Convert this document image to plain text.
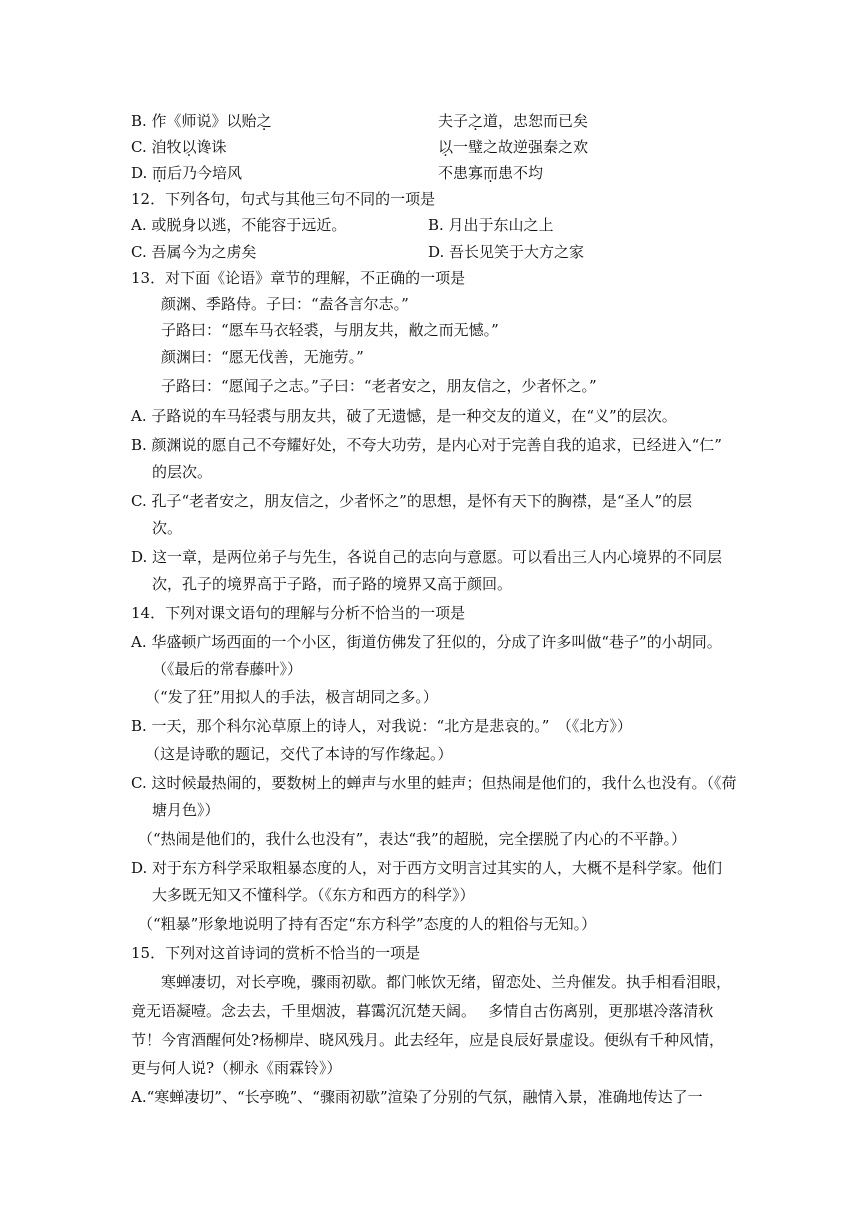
B. 作《师说》以贻之	夫子之道，忠恕而已矣
C. 洎牧以谗诛	以一璧之故逆强秦之欢
D. 而后乃今培风	不患寡而患不均
12．下列各句，句式与其他三句不同的一项是
A. 或脱身以逃，不能容于远近。	B. 月出于东山之上
C. 吾属今为之虏矣	D. 吾长见笑于大方之家
13．对下面《论语》章节的理解，不正确的一项是
颜渊、季路侍。子曰：“盍各言尔志。”
子路曰：“愿车马衣轻裘，与朋友共，敝之而无憾。”
颜渊曰：“愿无伐善，无施劳。”
子路曰：“愿闻子之志。”子曰：“老者安之，朋友信之，少者怀之。”
A. 子路说的车马轻裘与朋友共，破了无遗憾，是一种交友的道义，在“义”的层次。
B. 颜渊说的愿自己不夸耀好处，不夸大功劳，是内心对于完善自我的追求，已经进入“仁”
的层次。
C. 孔子“老者安之，朋友信之，少者怀之”的思想，是怀有天下的胸襟，是“圣人”的层
次。
D. 这一章，是两位弟子与先生，各说自己的志向与意愿。可以看出三人内心境界的不同层
次，孔子的境界高于子路，而子路的境界又高于颜回。
14．下列对课文语句的理解与分析不恰当的一项是
A. 华盛顿广场西面的一个小区，街道仿佛发了狂似的，分成了许多叫做“巷子”的小胡同。
（《最后的常春藤叶》）
（“发了狂”用拟人的手法，极言胡同之多。）
B. 一天，那个科尔沁草原上的诗人，对我说：“北方是悲哀的。”　（《北方》）
（这是诗歌的题记，交代了本诗的写作缘起。）
C. 这时候最热闹的，要数树上的蝉声与水里的蛙声；但热闹是他们的，我什么也没有。（《荷
塘月色》）
（“热闹是他们的，我什么也没有”，表达“我”的超脱，完全摆脱了内心的不平静。）
D. 对于东方科学采取粗暴态度的人，对于西方文明言过其实的人，大概不是科学家。他们
大多既无知又不懂科学。（《东方和西方的科学》）
（“粗暴”形象地说明了持有否定“东方科学”态度的人的粗俗与无知。）
15．下列对这首诗词的赏析不恰当的一项是
寒蝉凄切，对长亭晚，骤雨初歇。都门帐饮无绪，留恋处、兰舟催发。执手相看泪眼，
竟无语凝噎。念去去，千里烟波，暮霭沉沉楚天阔。　 多情自古伤离别，更那堪冷落清秋
节！今宵酒醒何处?杨柳岸、晓风残月。此去经年，应是良辰好景虚设。便纵有千种风情，
更与何人说?（柳永《雨霖铃》）
A.“寒蝉凄切”、“长亭晚”、“骤雨初歇”渲染了分别的气氛，融情入景，准确地传达了一
